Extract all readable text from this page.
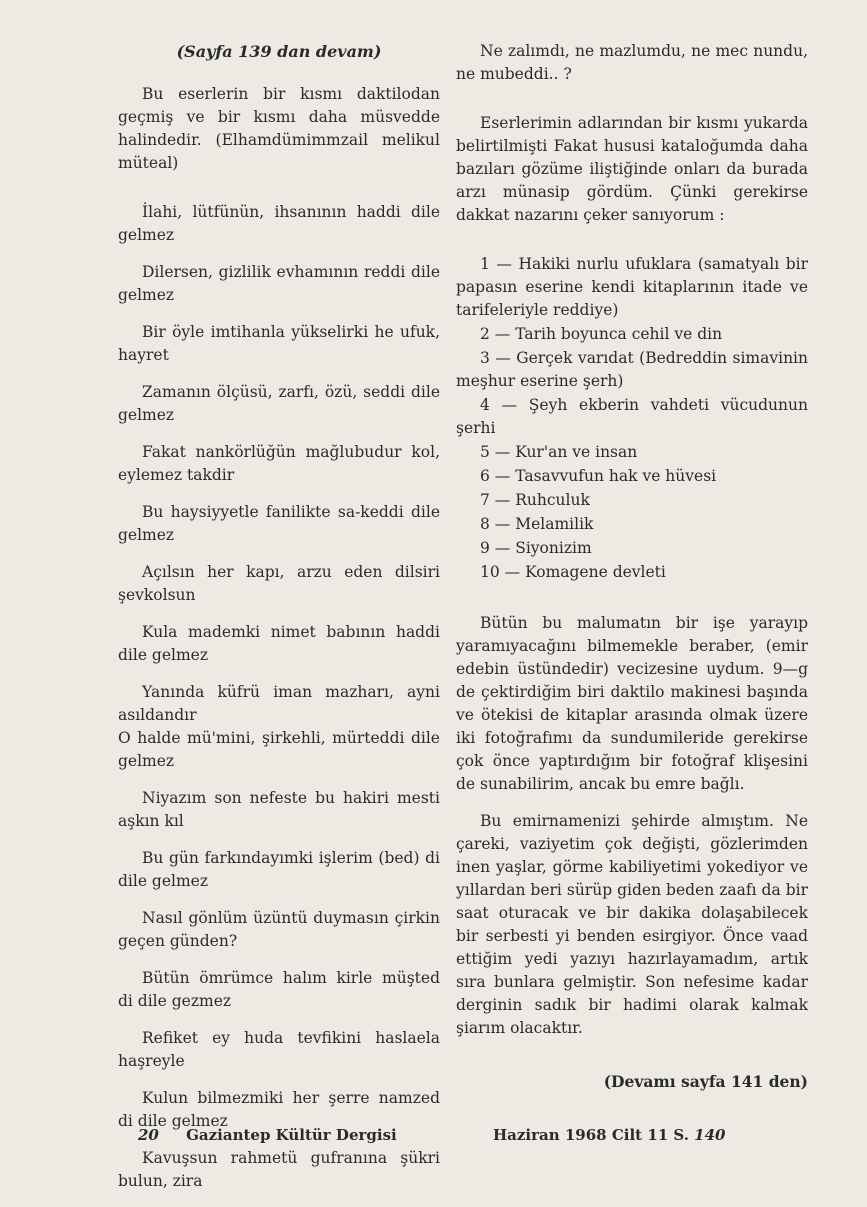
(Sayfa 139 dan devam)

Bu eserlerin bir kısmı daktilodan geçmiş ve bir kısmı daha müsvedde halindedir. (Elhamdümimmzail melikul müteal)

İlahi, lütfünün, ihsanının haddi dile gelmez

Dilersen, gizlilik evhamının reddi dile gelmez

Bir öyle imtihanla yükselirki he ufuk, hayret

Zamanın ölçüsü, zarfı, özü, seddi dile gelmez

Fakat nankörlüğün mağlubudur kol, eylemez takdir

Bu haysiyyetle fanilikte sa-keddi dile gelmez

Açılsın her kapı, arzu eden dilsiri şevkolsun

Kula mademki nimet babının haddi dile gelmez

Yanında küfrü iman mazharı, ayni asıldandır
O halde mü'mini, şirkehli, mürteddi dile gelmez

Niyazım son nefeste bu hakiri mesti aşkın kıl

Bu gün farkındayımki işlerim (bed) di dile gelmez

Nasıl gönlüm üzüntü duymasın çirkin geçen günden?

Bütün ömrümce halım kirle müşted di dile gezmez

Refiket ey huda tevfikini haslaela haşreyle

Kulun bilmezmiki her şerre namzed di dile gelmez

Kavuşsun rahmetü gufranına şükri bulun, zira

Ne zalımdı, ne mazlumdu, ne mec nundu, ne mubeddi.. ?

Eserlerimin adlarından bir kısmı yukarda belirtilmişti Fakat hususi kataloğumda daha bazıları gözüme iliştiğinde onları da burada arzı münasip gördüm. Çünki gerekirse dakkat nazarını çeker sanıyorum :

1 — Hakiki nurlu ufuklara (samatyalı bir papasın eserine kendi kitaplarının itade ve tarifeleriyle reddiye)
2 — Tarih boyunca cehil ve din
3 — Gerçek varıdat (Bedreddin simavinin meşhur eserine şerh)
4 — Şeyh ekberin vahdeti vücudunun şerhi
5 — Kur'an ve insan
6 — Tasavvufun hak ve hüvesi
7 — Ruhculuk
8 — Melamilik
9 — Siyonizim
10 — Komagene devleti

Bütün bu malumatın bir işe yarayıp yaramıyacağını bilmemekle beraber, (emir edebin üstündedir) vecizesine uydum. 9—g de çektirdiğim biri daktilo makinesi başında ve ötekisi de kitaplar arasında olmak üzere iki fotoğrafımı da sundumileride gerekirse çok önce yaptırdığım bir fotoğraf klişesini de sunabilirim, ancak bu emre bağlı.

Bu emirnamenizi şehirde almıştım. Ne çareki, vaziyetim çok değişti, gözlerimden inen yaşlar, görme kabiliyetimi yokediyor ve yıllardan beri sürüp giden beden zaafı da bir saat oturacak ve bir dakika dolaşabilecek bir serbesti yi benden esirgiyor. Önce vaad ettiğim yedi yazıyı hazırlayamadım, artık sıra bunlara gelmiştir. Son nefesime kadar derginin sadık bir hadimi olarak kalmak şiarım olacaktır.

(Devamı sayfa 141 den)

20 Gaziantep Kültür Dergisi	Haziran 1968 Cilt 11 S. 140
